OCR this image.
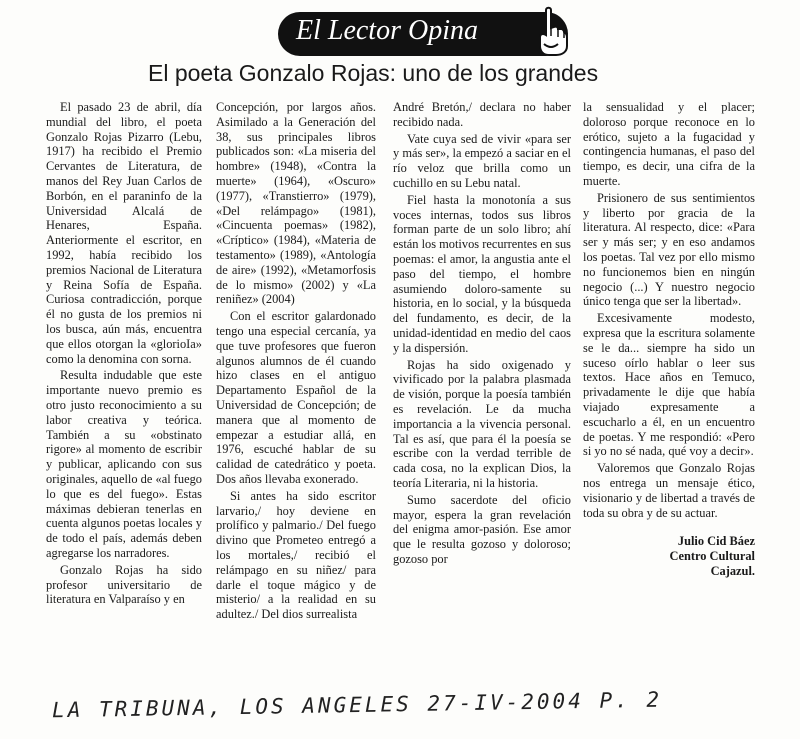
El Lector Opina
El poeta Gonzalo Rojas: uno de los grandes

El pasado 23 de abril, día mundial del libro, el poeta Gonzalo Rojas Pizarro (Lebu, 1917) ha recibido el Premio Cervantes de Literatura, de manos del Rey Juan Carlos de Borbón, en el paraninfo de la Universidad Alcalá de Henares, España. Anteriormente el escritor, en 1992, había recibido los premios Nacional de Literatura y Reina Sofía de España. Curiosa contradicción, porque él no gusta de los premios ni los busca, aún más, encuentra que ellos otorgan la «glorioIa» como la denomina con sorna.

Resulta indudable que este importante nuevo premio es otro justo reconocimiento a su labor creativa y teórica. También a su «obstinato rigore» al momento de escribir y publicar, aplicando con sus originales, aquello de «al fuego lo que es del fuego». Estas máximas debieran tenerlas en cuenta algunos poetas locales y de todo el país, además deben agregarse los narradores.

Gonzalo Rojas ha sido profesor universitario de literatura en Valparaíso y en

Concepción, por largos años. Asimilado a la Generación del 38, sus principales libros publicados son: «La miseria del hombre» (1948), «Contra la muerte» (1964), «Oscuro» (1977), «Transtierro» (1979), «Del relámpago» (1981), «Cincuenta poemas» (1982), «Críptico» (1984), «Materia de testamento» (1989), «Antología de aire» (1992), «Metamorfosis de lo mismo» (2002) y «La reniñez» (2004)

Con el escritor galardonado tengo una especial cercanía, ya que tuve profesores que fueron algunos alumnos de él cuando hizo clases en el antiguo Departamento Español de la Universidad de Concepción; de manera que al momento de empezar a estudiar allá, en 1976, escuché hablar de su calidad de catedrático y poeta. Dos años llevaba exonerado.

Si antes ha sido escritor larvario,/ hoy deviene en prolífico y palmario./ Del fuego divino que Prometeo entregó a los mortales,/ recibió el relámpago en su niñez/ para darle el toque mágico y de misterio/ a la realidad en su adultez./ Del dios surrealista

André Bretón,/ declara no haber recibido nada.

Vate cuya sed de vivir «para ser y más ser», la empezó a saciar en el río veloz que brilla como un cuchillo en su Lebu natal.

Fiel hasta la monotonía a sus voces internas, todos sus libros forman parte de un solo libro; ahí están los motivos recurrentes en sus poemas: el amor, la angustia ante el paso del tiempo, el hombre asumiendo doloro-samente su historia, en lo social, y la búsqueda del fundamento, es decir, de la unidad-identidad en medio del caos y la dispersión.

Rojas ha sido oxigenado y vivificado por la palabra plasmada de visión, porque la poesía también es revelación. Le da mucha importancia a la vivencia personal. Tal es así, que para él la poesía se escribe con la verdad terrible de cada cosa, no la explican Dios, la teoría Literaria, ni la historia.

Sumo sacerdote del oficio mayor, espera la gran revelación del enigma amor-pasión. Ese amor que le resulta gozoso y doloroso; gozoso por

la sensualidad y el placer; doloroso porque reconoce en lo erótico, sujeto a la fugacidad y contingencia humanas, el paso del tiempo, es decir, una cifra de la muerte.

Prisionero de sus sentimientos y liberto por gracia de la literatura. Al respecto, dice: «Para ser y más ser; y en eso andamos los poetas. Tal vez por ello mismo no funcionemos bien en ningún negocio (...) Y nuestro negocio único tenga que ser la libertad».

Excesivamente modesto, expresa que la escritura solamente se le da... siempre ha sido un suceso oírlo hablar o leer sus textos. Hace años en Temuco, privadamente le dije que había viajado expresamente a escucharlo a él, en un encuentro de poetas. Y me respondió: «Pero si yo no sé nada, qué voy a decir».

Valoremos que Gonzalo Rojas nos entrega un mensaje ético, visionario y de libertad a través de toda su obra y de su actuar.

Julio Cid Báez
Centro Cultural
Cajazul.
LA TRIBUNA, LOS ANGELES 27-IV-2004 P. 2
